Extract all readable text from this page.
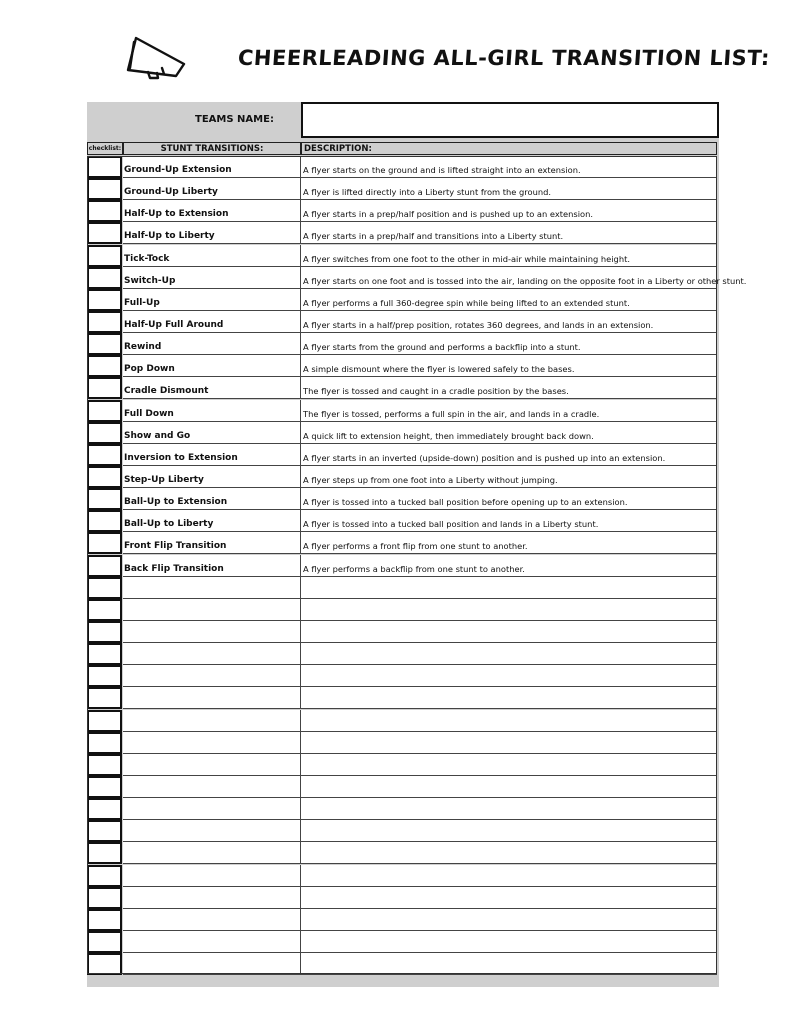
CHEERLEADING ALL-GIRL TRANSITION LIST:
TEAMS NAME:
checklist:	STUNT TRANSITIONS:	DESCRIPTION:
Ground-Up Extension	A flyer starts on the ground and is lifted straight into an extension.
Ground-Up Liberty	A flyer is lifted directly into a Liberty stunt from the ground.
Half-Up to Extension	A flyer starts in a prep/half position and is pushed up to an extension.
Half-Up to Liberty	A flyer starts in a prep/half and transitions into a Liberty stunt.
Tick-Tock	A flyer switches from one foot to the other in mid-air while maintaining height.
Switch-Up	A flyer starts on one foot and is tossed into the air, landing on the opposite foot in a Liberty or other stunt.
Full-Up	A flyer performs a full 360-degree spin while being lifted to an extended stunt.
Half-Up Full Around	A flyer starts in a half/prep position, rotates 360 degrees, and lands in an extension.
Rewind	A flyer starts from the ground and performs a backflip into a stunt.
Pop Down	A simple dismount where the flyer is lowered safely to the bases.
Cradle Dismount	The flyer is tossed and caught in a cradle position by the bases.
Full Down	The flyer is tossed, performs a full spin in the air, and lands in a cradle.
Show and Go	A quick lift to extension height, then immediately brought back down.
Inversion to Extension	A flyer starts in an inverted (upside-down) position and is pushed up into an extension.
Step-Up Liberty	A flyer steps up from one foot into a Liberty without jumping.
Ball-Up to Extension	A flyer is tossed into a tucked ball position before opening up to an extension.
Ball-Up to Liberty	A flyer is tossed into a tucked ball position and lands in a Liberty stunt.
Front Flip Transition	A flyer performs a front flip from one stunt to another.
Back Flip Transition	A flyer performs a backflip from one stunt to another.
